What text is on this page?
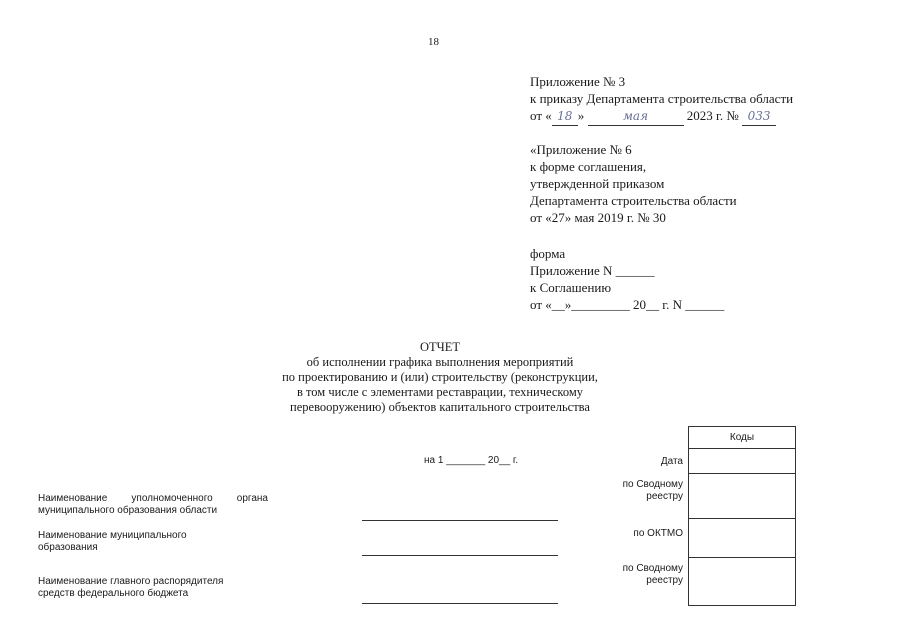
18
Приложение № 3
к приказу Департамента строительства области
от « 18 »	мая	2023 г. № 033
«Приложение № 6
к форме соглашения,
утвержденной приказом
Департамента строительства области
от «27» мая 2019 г. № 30
форма
Приложение N ______
к Соглашению
от «__»_________ 20__ г. N ______
ОТЧЕТ
об исполнении графика выполнения мероприятий
по проектированию и (или) строительству (реконструкции,
в том числе с элементами реставрации, техническому
перевооружению) объектов капитального строительства
на 1 _______ 20__ г.
Наименование уполномоченного органа муниципального образования области
Наименование муниципального образования
Наименование главного распорядителя средств федерального бюджета
Дата
по Сводному реестру
по ОКТМО
по Сводному реестру
Коды
